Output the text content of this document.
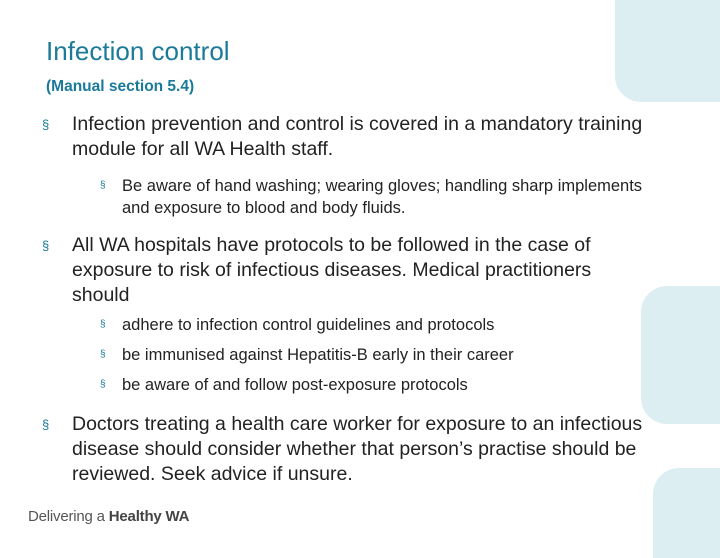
Infection control
(Manual section 5.4)
§ Infection prevention and control is covered in a mandatory training module for all WA Health staff.
§ Be aware of hand washing; wearing gloves; handling sharp implements and exposure to blood and body fluids.
§ All WA hospitals have protocols to be followed in the case of exposure to risk of infectious diseases. Medical practitioners should
§ adhere to infection control guidelines and protocols
§ be immunised against Hepatitis-B early in their career
§ be aware of and follow post-exposure protocols
§ Doctors treating a health care worker for exposure to an infectious disease should consider whether that person’s practise should be reviewed. Seek advice if unsure.
Delivering a Healthy WA
